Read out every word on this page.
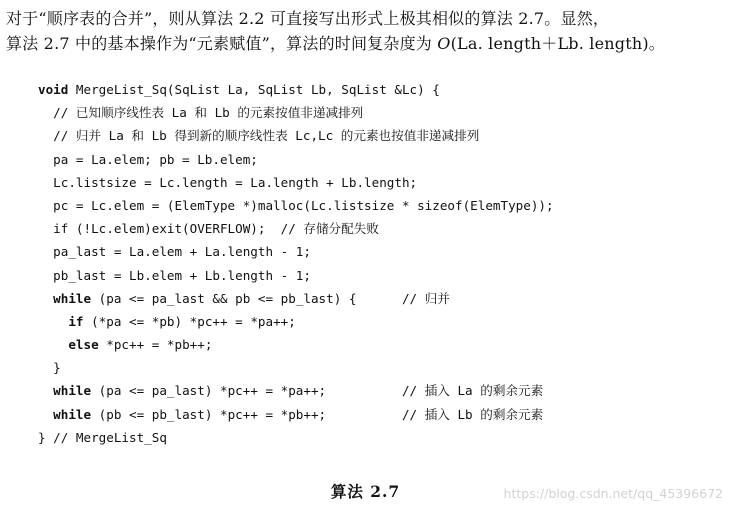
对于“顺序表的合并”，则从算法 2.2 可直接写出形式上极其相似的算法 2.7。显然，
算法 2.7 中的基本操作为“元素赋值”，算法的时间复杂度为 O(La. length＋Lb. length)。
void MergeList_Sq(SqList La, SqList Lb, SqList &Lc) {
// 已知顺序线性表 La 和 Lb 的元素按值非递减排列
// 归并 La 和 Lb 得到新的顺序线性表 Lc,Lc 的元素也按值非递减排列
pa = La.elem; pb = Lb.elem;
Lc.listsize = Lc.length = La.length + Lb.length;
pc = Lc.elem = (ElemType *)malloc(Lc.listsize * sizeof(ElemType));
if (!Lc.elem)exit(OVERFLOW);  // 存储分配失败
pa_last = La.elem + La.length - 1;
pb_last = Lb.elem + Lb.length - 1;
while (pa <= pa_last && pb <= pb_last) {      // 归并
if (*pa <= *pb) *pc++ = *pa++;
else *pc++ = *pb++;
}
while (pa <= pa_last) *pc++ = *pa++;          // 插入 La 的剩余元素
while (pb <= pb_last) *pc++ = *pb++;          // 插入 Lb 的剩余元素
} // MergeList_Sq
算法 2.7	https://blog.csdn.net/qq_45396672
